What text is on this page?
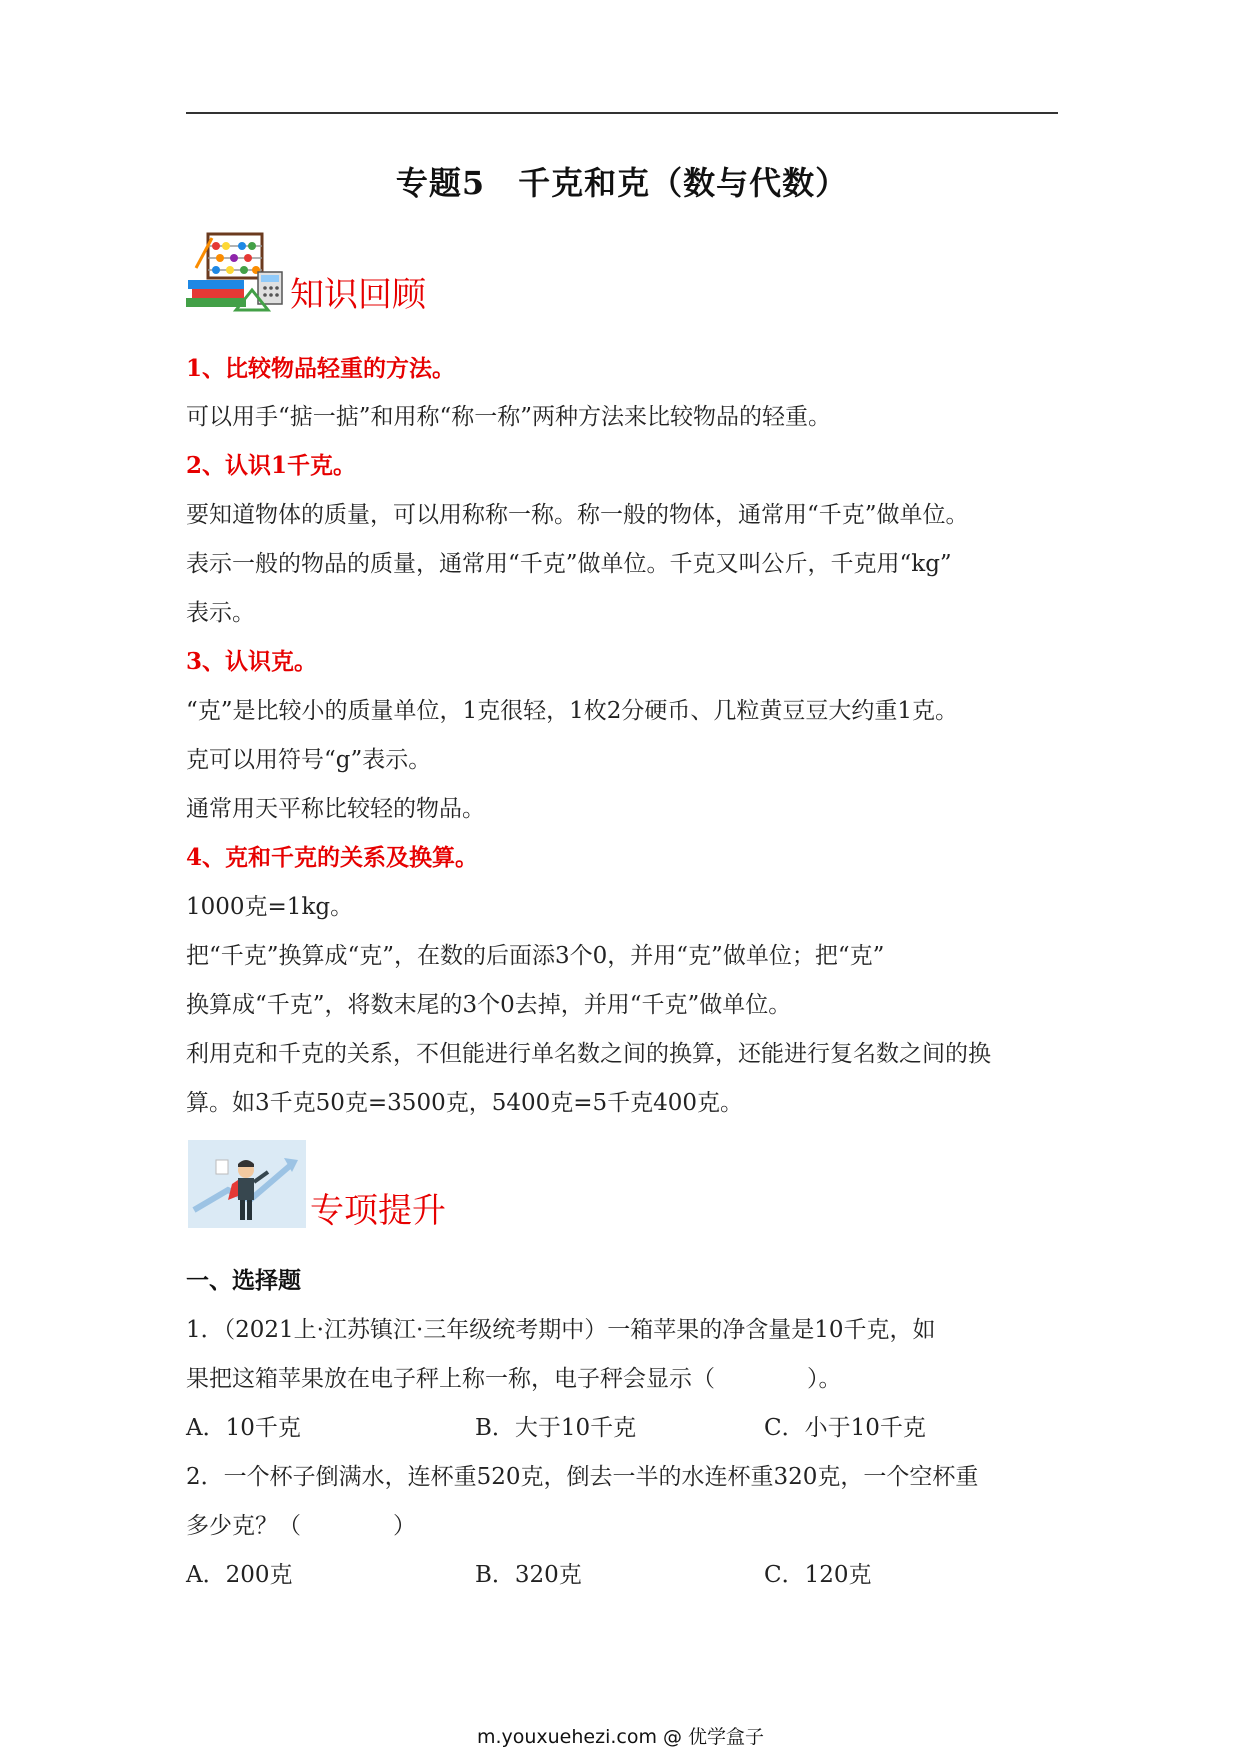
专题5　千克和克（数与代数）
知识回顾
1、比较物品轻重的方法。
可以用手“掂一掂”和用称“称一称”两种方法来比较物品的轻重。
2、认识1千克。
要知道物体的质量，可以用称称一称。称一般的物体，通常用“千克”做单位。
表示一般的物品的质量，通常用“千克”做单位。千克又叫公斤，千克用“kg”
表示。
3、认识克。
“克”是比较小的质量单位，1克很轻，1枚2分硬币、几粒黄豆豆大约重1克。
克可以用符号“g”表示。
通常用天平称比较轻的物品。
4、克和千克的关系及换算。
1000克=1kg。
把“千克”换算成“克”，在数的后面添3个0，并用“克”做单位；把“克”
换算成“千克”，将数末尾的3个0去掉，并用“千克”做单位。
利用克和千克的关系，不但能进行单名数之间的换算，还能进行复名数之间的换
算。如3千克50克=3500克，5400克=5千克400克。
专项提升
一、选择题
1．（2021上·江苏镇江·三年级统考期中）一箱苹果的净含量是10千克，如
果把这箱苹果放在电子秤上称一称，电子秤会显示（　　　　）。
A．10千克	B．大于10千克	C．小于10千克
2．一个杯子倒满水，连杯重520克，倒去一半的水连杯重320克，一个空杯重
多少克？（　　　　）
A．200克	B．320克	C．120克
m.youxuehezi.com @ 优学盒子
